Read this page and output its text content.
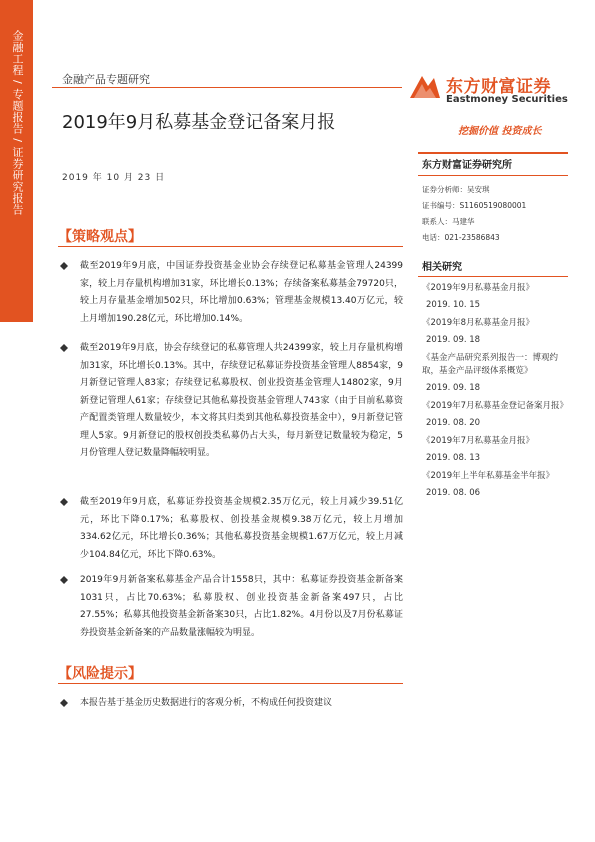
金融工程 / 专题报告 / 证券研究报告	金融产品专题研究
2019年9月私募基金登记备案月报
2019 年 10 月 23 日
东方财富证券
Eastmoney Securities
挖掘价值 投资成长
东方财富证券研究所
证券分析师：吴安琪
证书编号：S1160519080001
联系人：马建华
电话：021-23586843
相关研究
《2019年9月私募基金月报》
2019. 10. 15
《2019年8月私募基金月报》
2019. 09. 18
《基金产品研究系列报告一：博观约取，基金产品评级体系概览》
2019. 09. 18
《2019年7月私募基金登记备案月报》
2019. 08. 20
《2019年7月私募基金月报》
2019. 08. 13
《2019年上半年私募基金半年报》
2019. 08. 06
【策略观点】
截至2019年9月底，中国证券投资基金业协会存续登记私募基金管理人24399家，较上月存量机构增加31家，环比增长0.13%；存续备案私募基金79720只，较上月存量基金增加502只，环比增加0.63%；管理基金规模13.40万亿元，较上月增加190.28亿元，环比增加0.14%。
截至2019年9月底，协会存续登记的私募管理人共24399家，较上月存量机构增加31家，环比增长0.13%。其中，存续登记私募证券投资基金管理人8854家，9月新登记管理人83家；存续登记私募股权、创业投资基金管理人14802家，9月新登记管理人61家；存续登记其他私募投资基金管理人743家（由于目前私募资产配置类管理人数量较少，本文将其归类到其他私募投资基金中），9月新登记管理人5家。9月新登记的股权创投类私募仍占大头，每月新登记数量较为稳定，5月份管理人登记数量降幅较明显。
截至2019年9月底，私募证券投资基金规模2.35万亿元，较上月减少39.51亿元，环比下降0.17%；私募股权、创投基金规模9.38万亿元，较上月增加334.62亿元，环比增长0.36%；其他私募投资基金规模1.67万亿元，较上月减少104.84亿元，环比下降0.63%。
2019年9月新备案私募基金产品合计1558只，其中：私募证券投资基金新备案1031只，占比70.63%；私募股权、创业投资基金新备案497只，占比27.55%；私募其他投资基金新备案30只，占比1.82%。4月份以及7月份私募证券投资基金新备案的产品数量涨幅较为明显。
【风险提示】
本报告基于基金历史数据进行的客观分析，不构成任何投资建议
